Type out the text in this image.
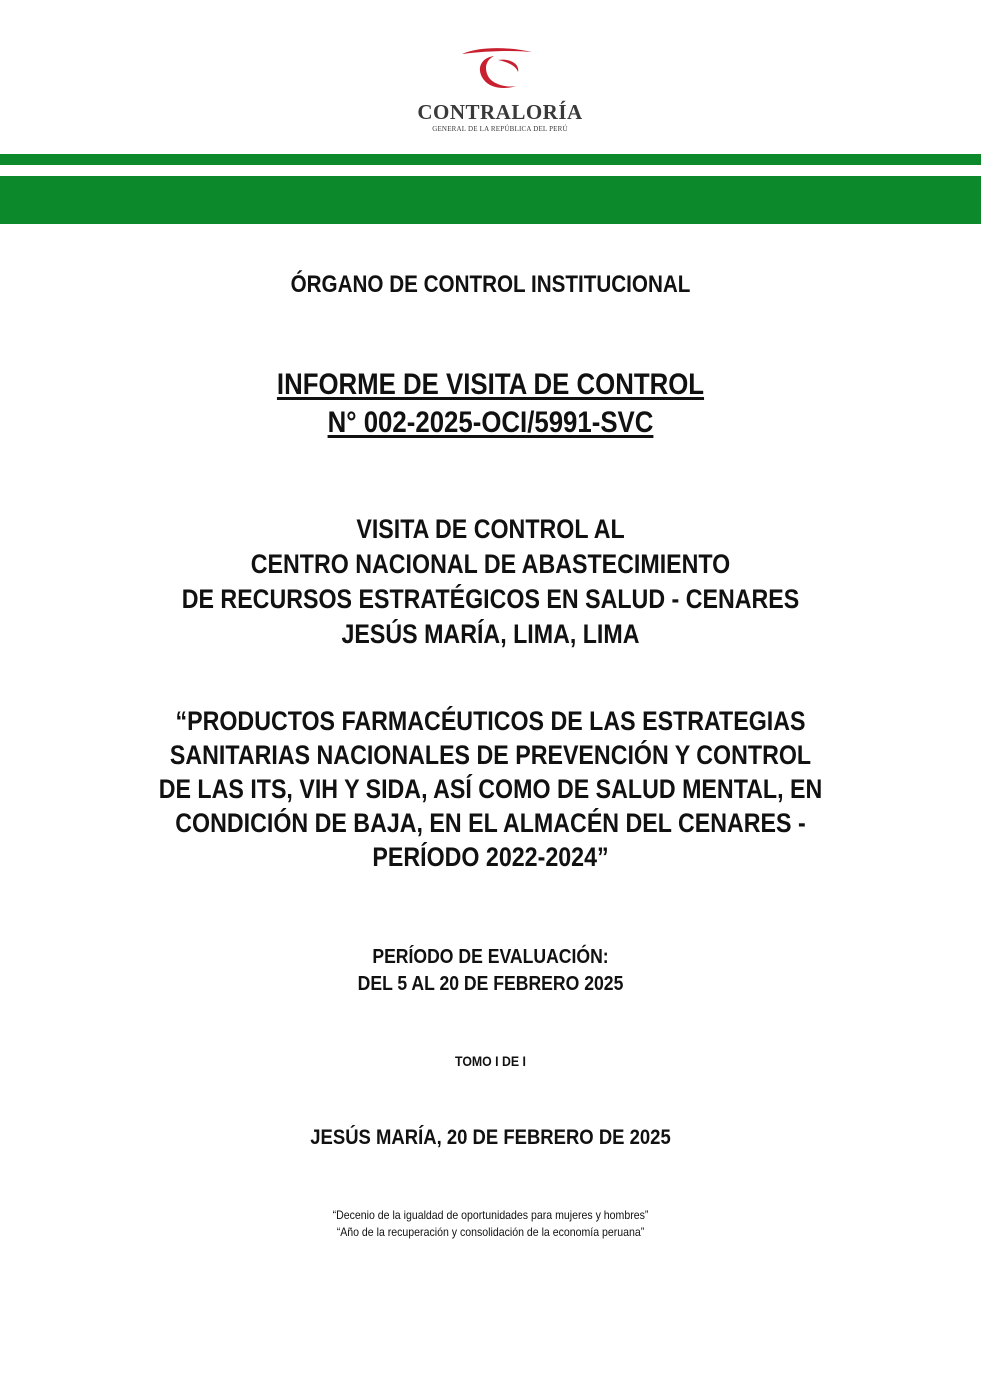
CONTRALORÍA
GENERAL DE LA REPÚBLICA DEL PERÚ
ÓRGANO DE CONTROL INSTITUCIONAL
INFORME DE VISITA DE CONTROL
N° 002-2025-OCI/5991-SVC
VISITA DE CONTROL AL
CENTRO NACIONAL DE ABASTECIMIENTO
DE RECURSOS ESTRATÉGICOS EN SALUD - CENARES
JESÚS MARÍA, LIMA, LIMA
“PRODUCTOS FARMACÉUTICOS DE LAS ESTRATEGIAS
SANITARIAS NACIONALES DE PREVENCIÓN Y CONTROL
DE LAS ITS, VIH Y SIDA, ASÍ COMO DE SALUD MENTAL, EN
CONDICIÓN DE BAJA, EN EL ALMACÉN DEL CENARES -
PERÍODO 2022-2024”
PERÍODO DE EVALUACIÓN:
DEL 5 AL 20 DE FEBRERO 2025
TOMO I DE I
JESÚS MARÍA, 20 DE FEBRERO DE 2025
“Decenio de la igualdad de oportunidades para mujeres y hombres”
“Año de la recuperación y consolidación de la economía peruana”
